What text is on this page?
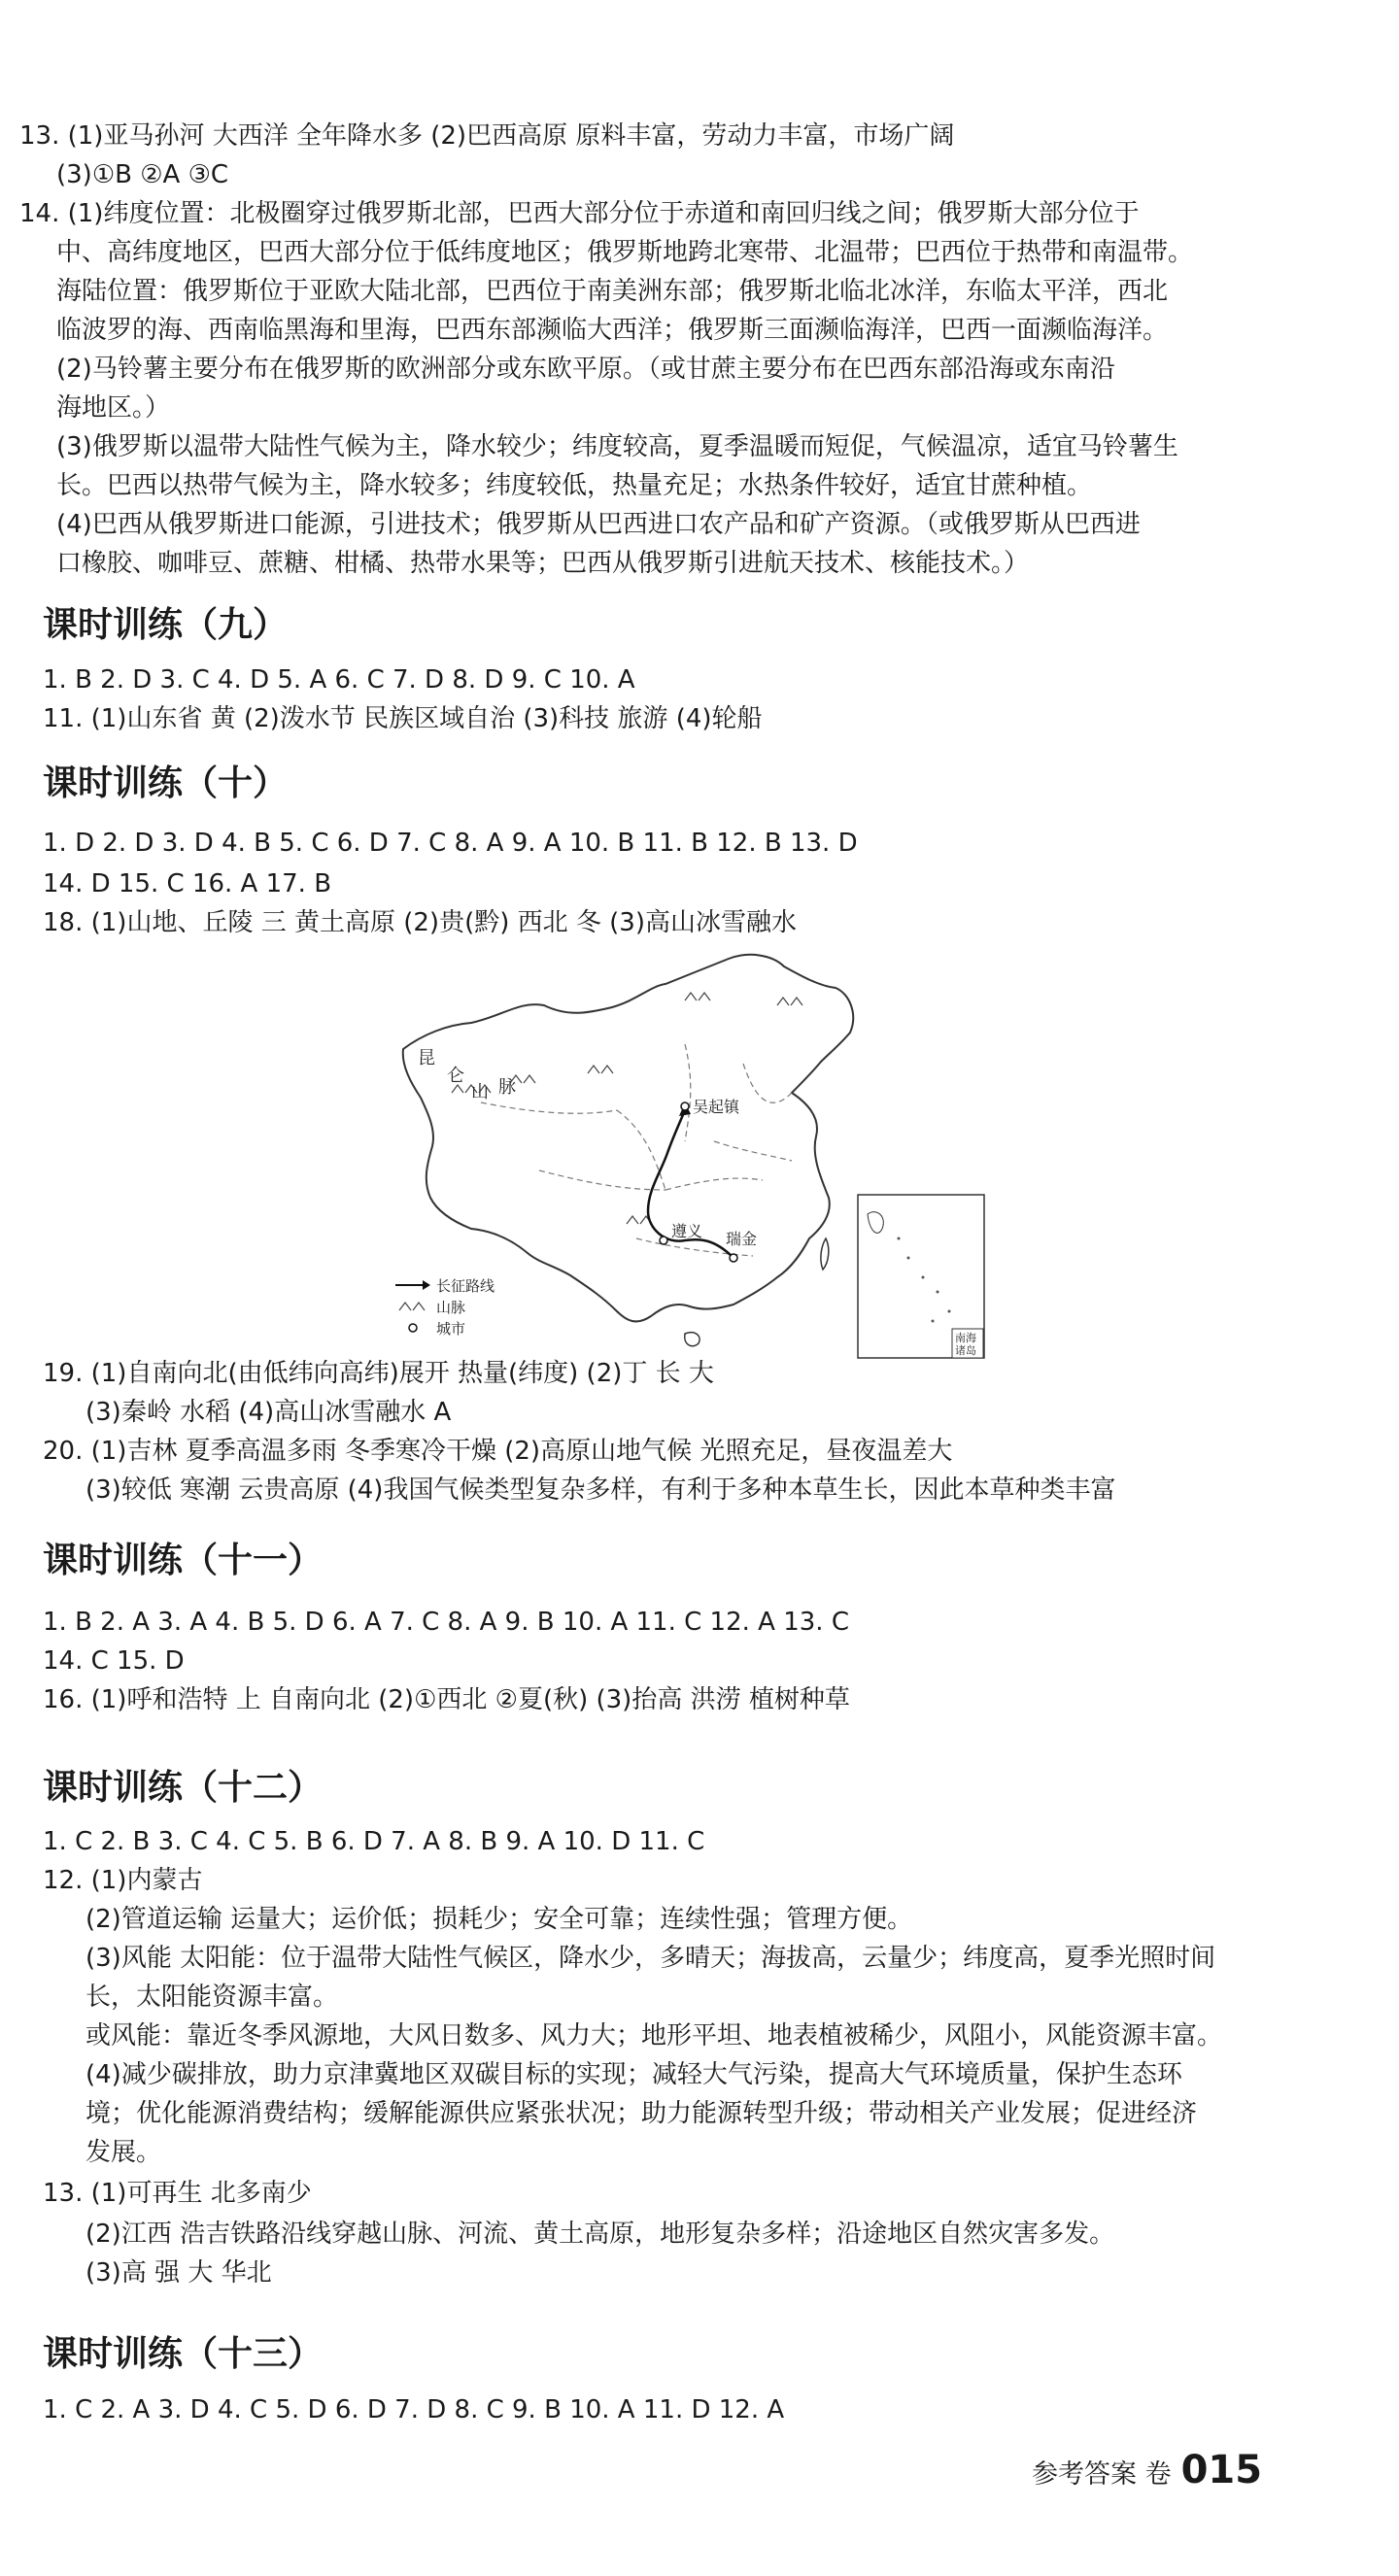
13. (1)亚马孙河 大西洋 全年降水多 (2)巴西高原 原料丰富，劳动力丰富，市场广阔
(3)①B ②A ③C
14. (1)纬度位置：北极圈穿过俄罗斯北部，巴西大部分位于赤道和南回归线之间；俄罗斯大部分位于
中、高纬度地区，巴西大部分位于低纬度地区；俄罗斯地跨北寒带、北温带；巴西位于热带和南温带。
海陆位置：俄罗斯位于亚欧大陆北部，巴西位于南美洲东部；俄罗斯北临北冰洋，东临太平洋，西北
临波罗的海、西南临黑海和里海，巴西东部濒临大西洋；俄罗斯三面濒临海洋，巴西一面濒临海洋。
(2)马铃薯主要分布在俄罗斯的欧洲部分或东欧平原。（或甘蔗主要分布在巴西东部沿海或东南沿
海地区。）
(3)俄罗斯以温带大陆性气候为主，降水较少；纬度较高，夏季温暖而短促，气候温凉，适宜马铃薯生
长。巴西以热带气候为主，降水较多；纬度较低，热量充足；水热条件较好，适宜甘蔗种植。
(4)巴西从俄罗斯进口能源，引进技术；俄罗斯从巴西进口农产品和矿产资源。（或俄罗斯从巴西进
口橡胶、咖啡豆、蔗糖、柑橘、热带水果等；巴西从俄罗斯引进航天技术、核能技术。）
课时训练（九）
1. B 2. D 3. C 4. D 5. A 6. C 7. D 8. D 9. C 10. A
11. (1)山东省 黄 (2)泼水节 民族区域自治 (3)科技 旅游 (4)轮船
课时训练（十）
1. D 2. D 3. D 4. B 5. C 6. D 7. C 8. A 9. A 10. B 11. B 12. B 13. D
14. D 15. C 16. A 17. B
18. (1)山地、丘陵 三 黄土高原 (2)贵(黔) 西北 冬 (3)高山冰雪融水
昆
仑
山 脉
吴起镇
遵义 瑞金
长征路线
山脉
城市
南海
诸岛
19. (1)自南向北(由低纬向高纬)展开 热量(纬度) (2)丁 长 大
(3)秦岭 水稻 (4)高山冰雪融水 A
20. (1)吉林 夏季高温多雨 冬季寒冷干燥 (2)高原山地气候 光照充足，昼夜温差大
(3)较低 寒潮 云贵高原 (4)我国气候类型复杂多样，有利于多种本草生长，因此本草种类丰富
课时训练（十一）
1. B 2. A 3. A 4. B 5. D 6. A 7. C 8. A 9. B 10. A 11. C 12. A 13. C
14. C 15. D
16. (1)呼和浩特 上 自南向北 (2)①西北 ②夏(秋) (3)抬高 洪涝 植树种草
课时训练（十二）
1. C 2. B 3. C 4. C 5. B 6. D 7. A 8. B 9. A 10. D 11. C
12. (1)内蒙古
(2)管道运输 运量大；运价低；损耗少；安全可靠；连续性强；管理方便。
(3)风能 太阳能：位于温带大陆性气候区，降水少，多晴天；海拔高，云量少；纬度高，夏季光照时间
长，太阳能资源丰富。
或风能：靠近冬季风源地，大风日数多、风力大；地形平坦、地表植被稀少，风阻小，风能资源丰富。
(4)减少碳排放，助力京津冀地区双碳目标的实现；减轻大气污染，提高大气环境质量，保护生态环
境；优化能源消费结构；缓解能源供应紧张状况；助力能源转型升级；带动相关产业发展；促进经济
发展。
13. (1)可再生 北多南少
(2)江西 浩吉铁路沿线穿越山脉、河流、黄土高原，地形复杂多样；沿途地区自然灾害多发。
(3)高 强 大 华北
课时训练（十三）
1. C 2. A 3. D 4. C 5. D 6. D 7. D 8. C 9. B 10. A 11. D 12. A
参考答案 卷 015
